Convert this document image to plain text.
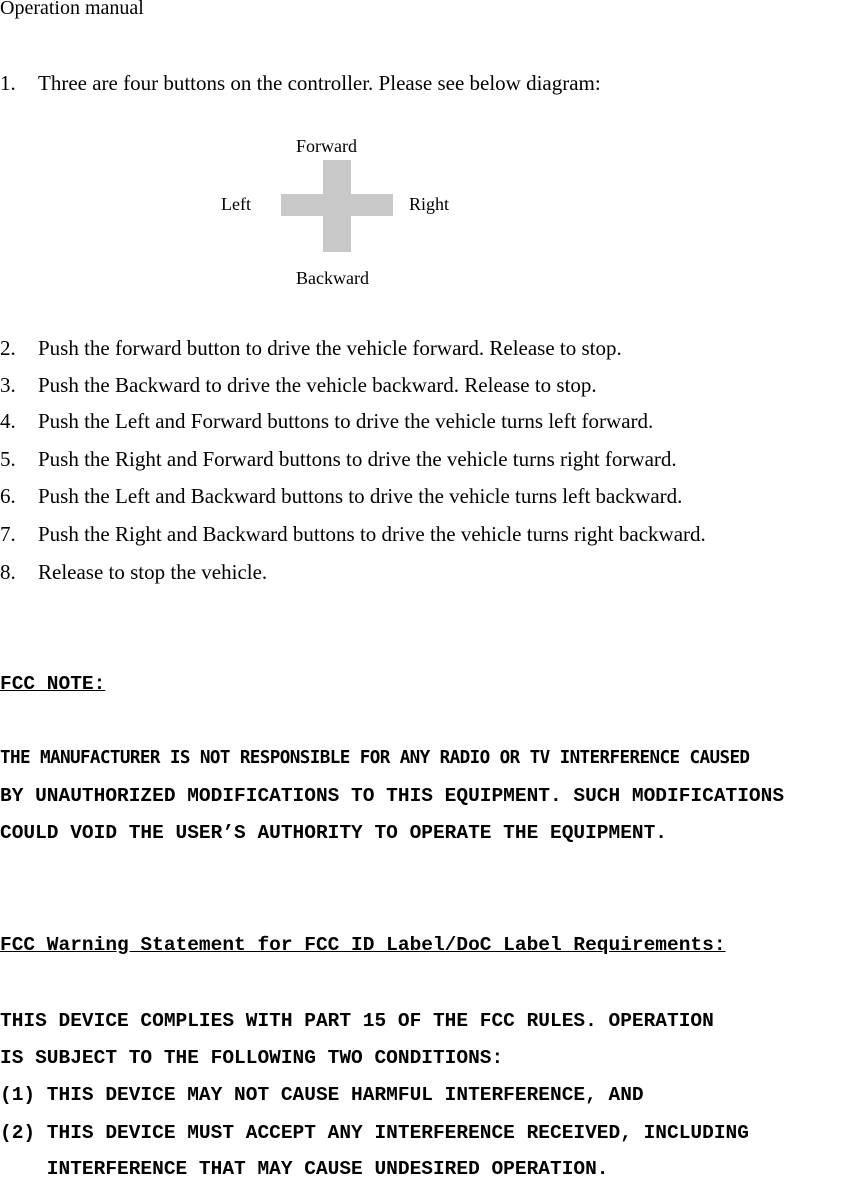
Operation manual
1. Three are four buttons on the controller. Please see below diagram:
Forward
Left	Right
Backward
2. Push the forward button to drive the vehicle forward. Release to stop.
3. Push the Backward to drive the vehicle backward. Release to stop.
4. Push the Left and Forward buttons to drive the vehicle turns left forward.
5. Push the Right and Forward buttons to drive the vehicle turns right forward.
6. Push the Left and Backward buttons to drive the vehicle turns left backward.
7. Push the Right and Backward buttons to drive the vehicle turns right backward.
8. Release to stop the vehicle.
FCC NOTE:
THE MANUFACTURER IS NOT RESPONSIBLE FOR ANY RADIO OR TV INTERFERENCE CAUSED
BY UNAUTHORIZED MODIFICATIONS TO THIS EQUIPMENT. SUCH MODIFICATIONS
COULD VOID THE USER’S AUTHORITY TO OPERATE THE EQUIPMENT.
FCC Warning Statement for FCC ID Label/DoC Label Requirements:
THIS DEVICE COMPLIES WITH PART 15 OF THE FCC RULES. OPERATION
IS SUBJECT TO THE FOLLOWING TWO CONDITIONS:
(1) THIS DEVICE MAY NOT CAUSE HARMFUL INTERFERENCE, AND
(2) THIS DEVICE MUST ACCEPT ANY INTERFERENCE RECEIVED, INCLUDING
INTERFERENCE THAT MAY CAUSE UNDESIRED OPERATION.
